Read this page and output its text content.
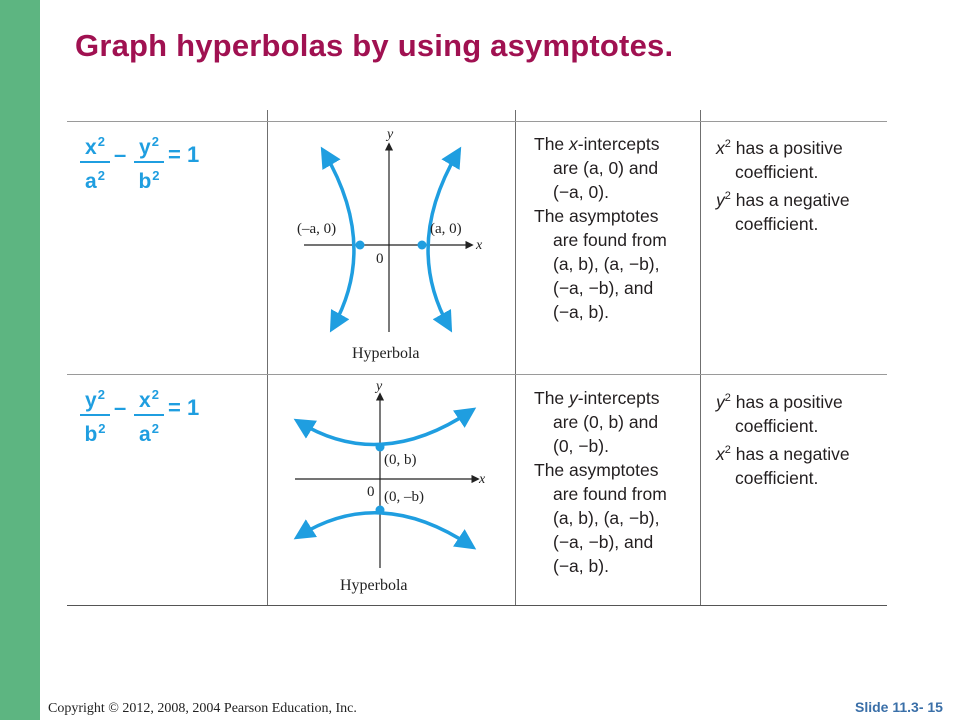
Graph hyperbolas by using asymptotes.
$x^2$
$a^2$
– $y^2$
$b^2$
= 1
y
x
0
(–a, 0)	(a, 0)
Hyperbola
The x-intercepts
are (a, 0) and
(−a, 0).
The asymptotes
are found from
(a, b), (a, −b),
(−a, −b), and
(−a, b).
$x^2$ has a positive
coefficient.
$y^2$ has a negative
coefficient.
$y^2$
$b^2$
– $x^2$
$a^2$
= 1
y
x
0
(0, b)
(0, –b)
Hyperbola
The y-intercepts
are (0, b) and
(0, −b).
The asymptotes
are found from
(a, b), (a, −b),
(−a, −b), and
(−a, b).
$y^2$ has a positive
coefficient.
$x^2$ has a negative
coefficient.
Copyright © 2012, 2008, 2004 Pearson Education, Inc.	Slide 11.3- 15
